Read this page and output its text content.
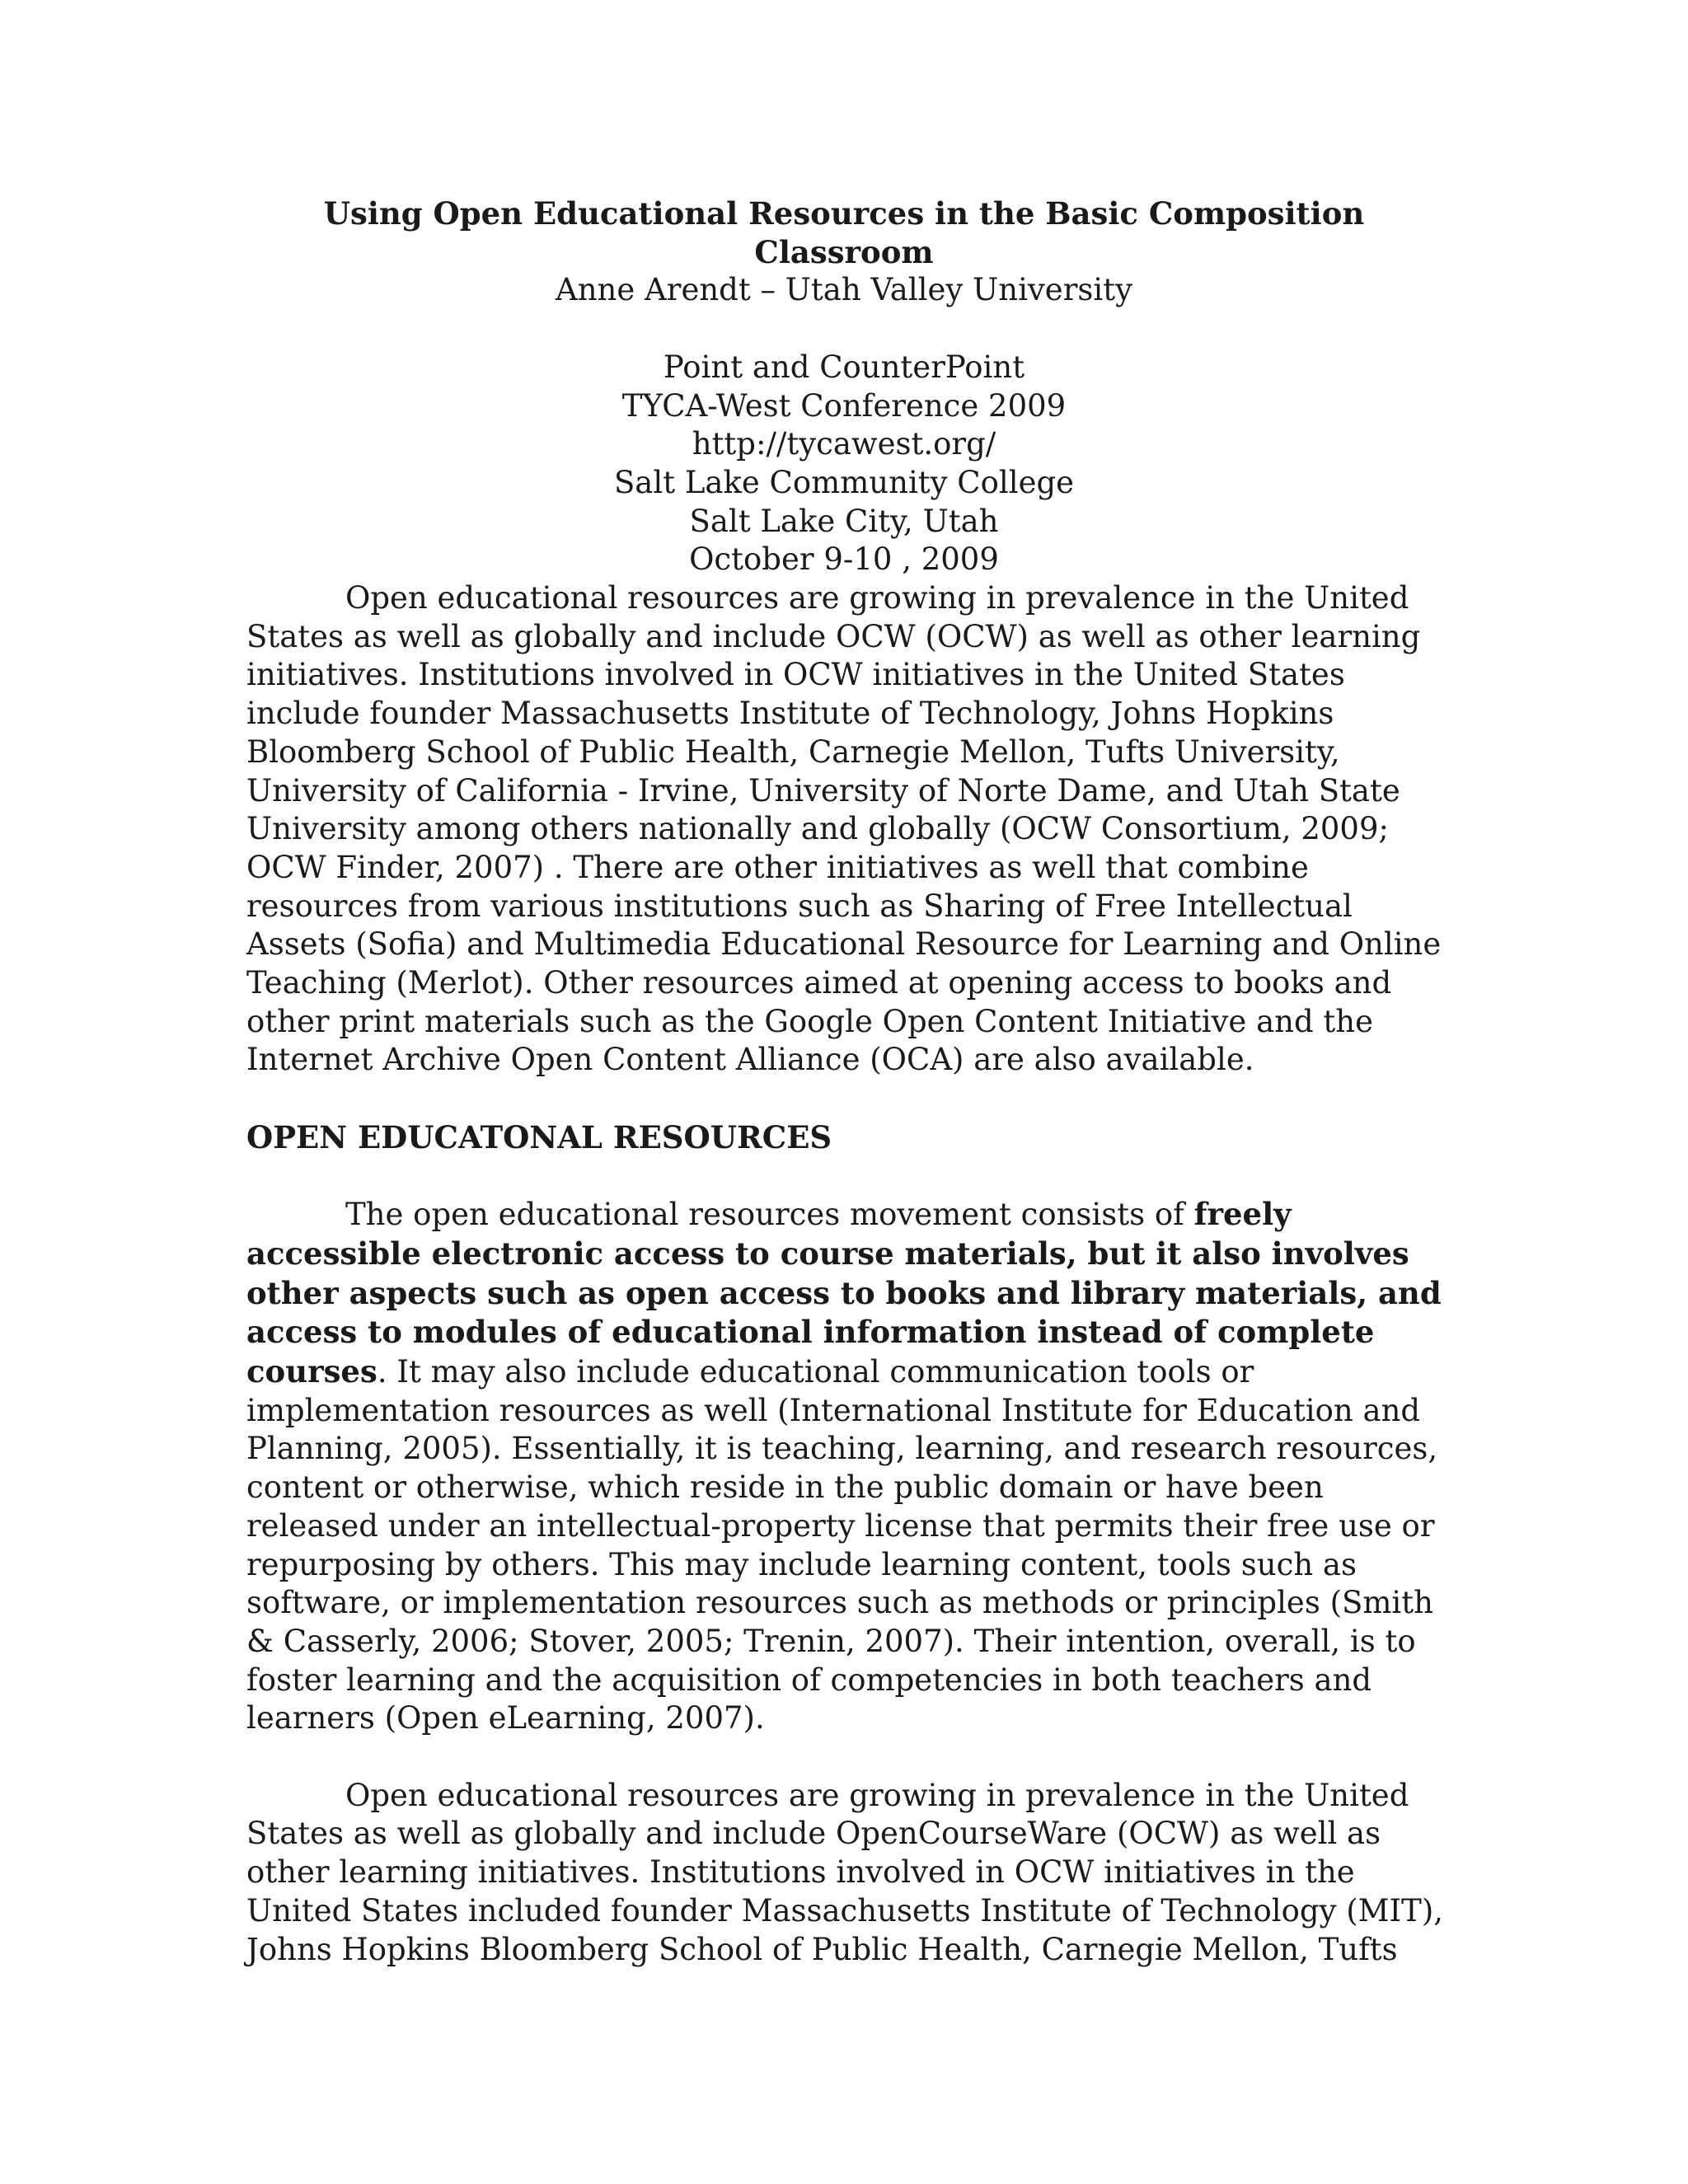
Using Open Educational Resources in the Basic Composition Classroom
Anne Arendt – Utah Valley University
Point and CounterPoint
TYCA-West Conference 2009
http://tycawest.org/
Salt Lake Community College
Salt Lake City, Utah
October 9-10 , 2009

Open educational resources are growing in prevalence in the United States as well as globally and include OCW (OCW) as well as other learning initiatives. Institutions involved in OCW initiatives in the United States include founder Massachusetts Institute of Technology, Johns Hopkins Bloomberg School of Public Health, Carnegie Mellon, Tufts University, University of California - Irvine, University of Norte Dame, and Utah State University among others nationally and globally (OCW Consortium, 2009; OCW Finder, 2007) . There are other initiatives as well that combine resources from various institutions such as Sharing of Free Intellectual Assets (Sofia) and Multimedia Educational Resource for Learning and Online Teaching (Merlot). Other resources aimed at opening access to books and other print materials such as the Google Open Content Initiative and the Internet Archive Open Content Alliance (OCA) are also available.

OPEN EDUCATONAL RESOURCES

The open educational resources movement consists of freely accessible electronic access to course materials, but it also involves other aspects such as open access to books and library materials, and access to modules of educational information instead of complete courses. It may also include educational communication tools or implementation resources as well (International Institute for Education and Planning, 2005). Essentially, it is teaching, learning, and research resources, content or otherwise, which reside in the public domain or have been released under an intellectual-property license that permits their free use or repurposing by others. This may include learning content, tools such as software, or implementation resources such as methods or principles (Smith & Casserly, 2006; Stover, 2005; Trenin, 2007). Their intention, overall, is to foster learning and the acquisition of competencies in both teachers and learners (Open eLearning, 2007).

Open educational resources are growing in prevalence in the United States as well as globally and include OpenCourseWare (OCW) as well as other learning initiatives. Institutions involved in OCW initiatives in the United States included founder Massachusetts Institute of Technology (MIT), Johns Hopkins Bloomberg School of Public Health, Carnegie Mellon, Tufts
